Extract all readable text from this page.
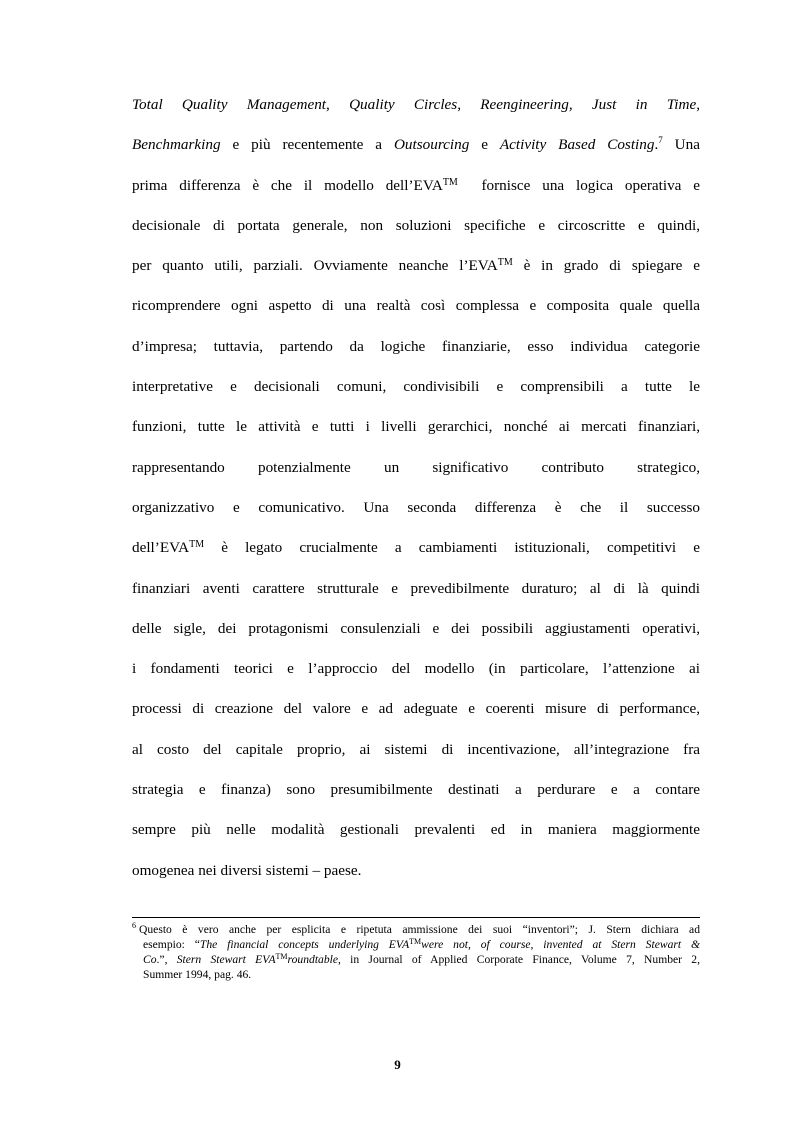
Total Quality Management, Quality Circles, Reengineering, Just in Time,
Benchmarking e più recentemente a Outsourcing e Activity Based Costing.$^7$ Una
prima differenza è che il modello dell’EVA™  fornisce una logica operativa e
decisionale di portata generale, non soluzioni specifiche e circoscritte e quindi,
per quanto utili, parziali. Ovviamente neanche l’EVA™ è in grado di spiegare e
ricomprendere ogni aspetto di una realtà così complessa e composita quale quella
d’impresa; tuttavia, partendo da logiche finanziarie, esso individua categorie
interpretative e decisionali comuni, condivisibili e comprensibili a tutte le
funzioni, tutte le attività e tutti i livelli gerarchici, nonché ai mercati finanziari,
rappresentando potenzialmente un significativo contributo strategico,
organizzativo e comunicativo. Una seconda differenza è che il successo
dell’EVA™ è legato crucialmente a cambiamenti istituzionali, competitivi e
finanziari aventi carattere strutturale e prevedibilmente duraturo; al di là quindi
delle sigle, dei protagonismi consulenziali e dei possibili aggiustamenti operativi,
i fondamenti teorici e l’approccio del modello (in particolare, l’attenzione ai
processi di creazione del valore e ad adeguate e coerenti misure di performance,
al costo del capitale proprio, ai sistemi di incentivazione, all’integrazione fra
strategia e finanza) sono presumibilmente destinati a perdurare e a contare
sempre più nelle modalità gestionali prevalenti ed in maniera maggiormente
omogenea nei diversi sistemi – paese.
$^6$ Questo è vero anche per esplicita e ripetuta ammissione dei suoi “inventori”; J. Stern dichiara ad
esempio: “The financial concepts underlying EVA™were not, of course, invented at Stern Stewart &
Co.”, Stern Stewart EVA™roundtable, in Journal of Applied Corporate Finance, Volume 7, Number 2,
Summer 1994, pag. 46.
9
